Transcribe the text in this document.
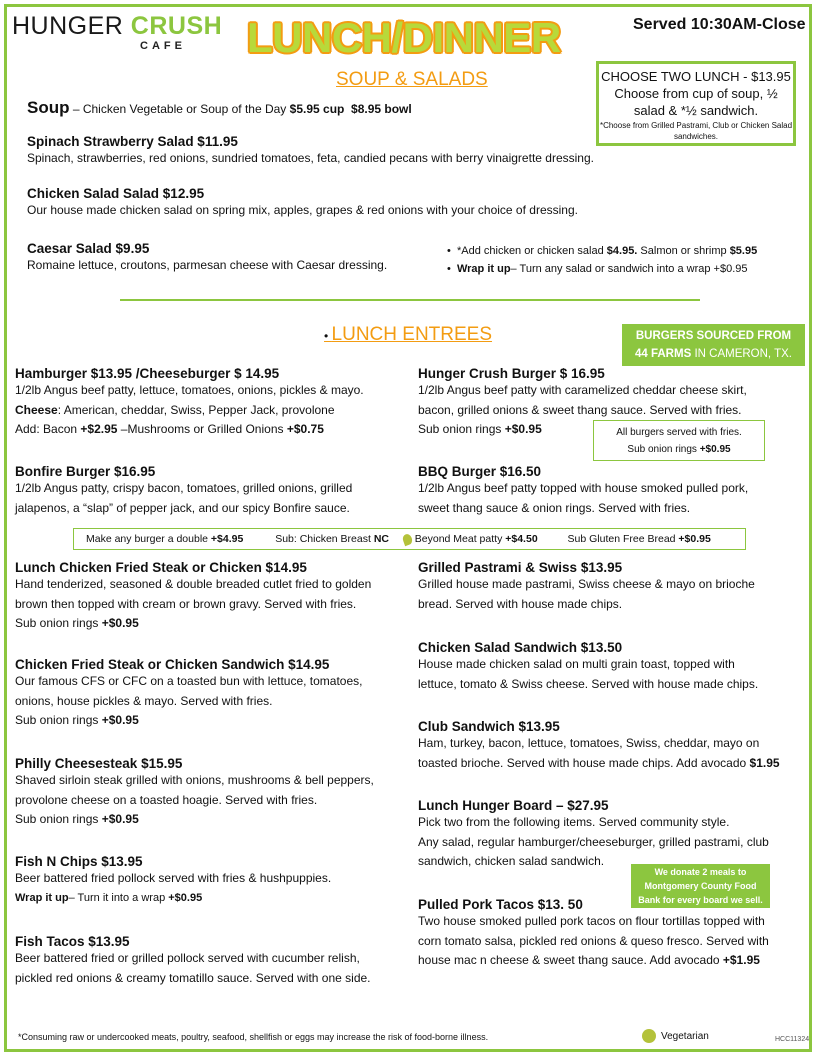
HUNGER CRUSH
CAFE LUNCH/DINNER	Served 10:30AM-Close
CHOOSE TWO LUNCH - $13.95
Choose from cup of soup, ½
salad & *½ sandwich.
*Choose from Grilled Pastrami, Club or Chicken Salad sandwiches.
SOUP & SALADS
Soup – Chicken Vegetable or Soup of the Day $5.95 cup $8.95 bowl
Spinach Strawberry Salad $11.95
Spinach, strawberries, red onions, sundried tomatoes, feta, candied pecans with berry vinaigrette dressing.
Chicken Salad Salad $12.95
Our house made chicken salad on spring mix, apples, grapes & red onions with your choice of dressing.
Caesar Salad $9.95
Romaine lettuce, croutons, parmesan cheese with Caesar dressing.
•  *Add chicken or chicken salad $4.95. Salmon or shrimp $5.95
•  Wrap it up– Turn any salad or sandwich into a wrap +$0.95
• LUNCH ENTREES	BURGERS SOURCED FROM
44 FARMS IN CAMERON, TX.
Hamburger $13.95 /Cheeseburger $ 14.95
1/2lb Angus beef patty, lettuce, tomatoes, onions, pickles & mayo.
Cheese: American, cheddar, Swiss, Pepper Jack, provolone
Add: Bacon +$2.95 –Mushrooms or Grilled Onions +$0.75
Bonfire Burger $16.95
1/2lb Angus patty, crispy bacon, tomatoes, grilled onions, grilled
jalapenos, a “slap” of pepper jack, and our spicy Bonfire sauce.
Make any burger a double +$4.95	Sub: Chicken Breast NC Beyond Meat patty +$4.50	Sub Gluten Free Bread +$0.95
Lunch Chicken Fried Steak or Chicken $14.95
Hand tenderized, seasoned & double breaded cutlet fried to golden
brown then topped with cream or brown gravy. Served with fries.
Sub onion rings +$0.95
Chicken Fried Steak or Chicken Sandwich $14.95
Our famous CFS or CFC on a toasted bun with lettuce, tomatoes,
onions, house pickles & mayo. Served with fries.
Sub onion rings +$0.95
Philly Cheesesteak $15.95
Shaved sirloin steak grilled with onions, mushrooms & bell peppers,
provolone cheese on a toasted hoagie. Served with fries.
Sub onion rings +$0.95
Fish N Chips $13.95
Beer battered fried pollock served with fries & hushpuppies.
Wrap it up– Turn it into a wrap +$0.95
Fish Tacos $13.95
Beer battered fried or grilled pollock served with cucumber relish,
pickled red onions & creamy tomatillo sauce. Served with one side.
Hunger Crush Burger $ 16.95
1/2lb Angus beef patty with caramelized cheddar cheese skirt,
bacon, grilled onions & sweet thang sauce. Served with fries.
Sub onion rings +$0.95	All burgers served with fries.
Sub onion rings +$0.95
BBQ Burger $16.50
1/2lb Angus beef patty topped with house smoked pulled pork,
sweet thang sauce & onion rings. Served with fries.
Grilled Pastrami & Swiss $13.95
Grilled house made pastrami, Swiss cheese & mayo on brioche
bread. Served with house made chips.
Chicken Salad Sandwich $13.50
House made chicken salad on multi grain toast, topped with
lettuce, tomato & Swiss cheese. Served with house made chips.
Club Sandwich $13.95
Ham, turkey, bacon, lettuce, tomatoes, Swiss, cheddar, mayo on
toasted brioche. Served with house made chips. Add avocado $1.95
Lunch Hunger Board – $27.95
Pick two from the following items. Served community style.
Any salad, regular hamburger/cheeseburger, grilled pastrami, club
sandwich, chicken salad sandwich.
We donate 2 meals to
Montgomery County Food
Bank for every board we sell.
Pulled Pork Tacos $13. 50
Two house smoked pulled pork tacos on flour tortillas topped with
corn tomato salsa, pickled red onions & queso fresco. Served with
house mac n cheese & sweet thang sauce. Add avocado +$1.95
*Consuming raw or undercooked meats, poultry, seafood, shellfish or eggs may increase the risk of food-borne illness.	Vegetarian	HCC11324
